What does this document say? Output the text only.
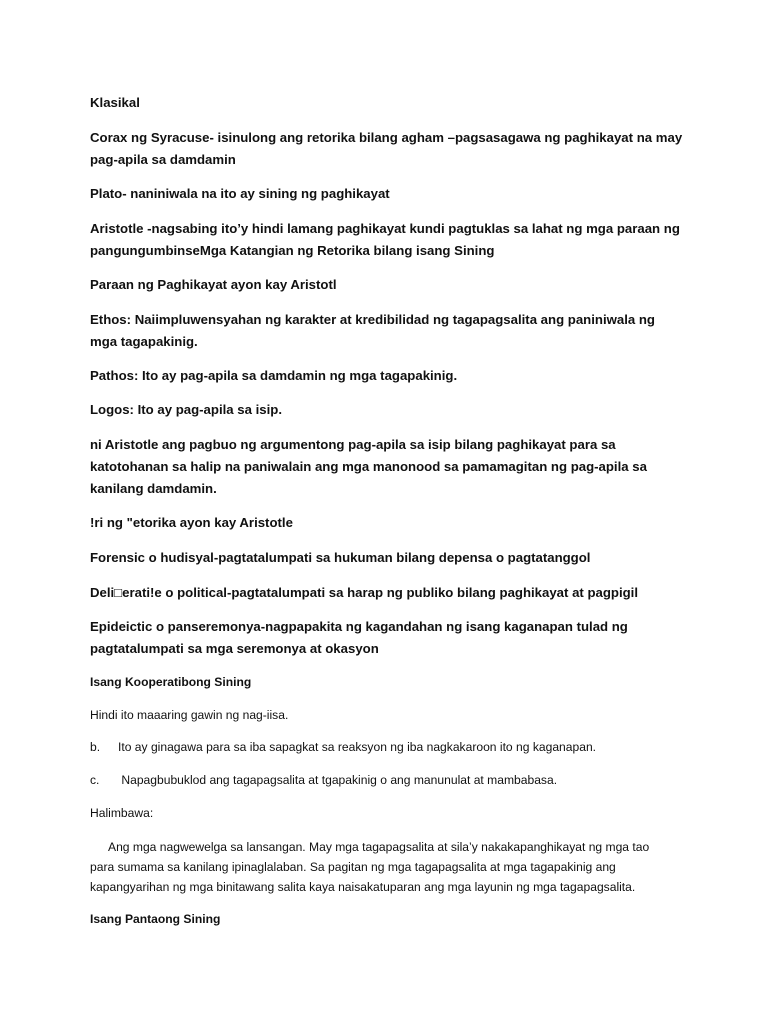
Klasikal

Corax ng Syracuse- isinulong ang retorika bilang agham –pagsasagawa ng paghikayat na may
pag-apila sa damdamin

Plato- naniniwala na ito ay sining ng paghikayat

Aristotle -nagsabing ito’y hindi lamang paghikayat kundi pagtuklas sa lahat ng mga paraan ng
pangungumbinseMga Katangian ng Retorika bilang isang Sining

Paraan ng Paghikayat ayon kay Aristotl

Ethos: Naiimpluwensyahan ng karakter at kredibilidad ng tagapagsalita ang paniniwala ng
mga tagapakinig.

Pathos: Ito ay pag-apila sa damdamin ng mga tagapakinig.

Logos: Ito ay pag-apila sa isip.

ni Aristotle ang pagbuo ng argumentong pag-apila sa isip bilang paghikayat para sa
katotohanan sa halip na paniwalain ang mga manonood sa pamamagitan ng pag-apila sa
kanilang damdamin.

!ri ng "etorika ayon kay Aristotle

Forensic o hudisyal-pagtatalumpati sa hukuman bilang depensa o pagtatanggol

Deli□erati!e o political-pagtatalumpati sa harap ng publiko bilang paghikayat at pagpigil

Epideictic o panseremonya-nagpapakita ng kagandahan ng isang kaganapan tulad ng
pagtatalumpati sa mga seremonya at okasyon

Isang Kooperatibong Sining

Hindi ito maaaring gawin ng nag-iisa.

b. Ito ay ginagawa para sa iba sapagkat sa reaksyon ng iba nagkakaroon ito ng kaganapan.

c. Napagbubuklod ang tagapagsalita at tgapakinig o ang manunulat at mambabasa.

Halimbawa:

Ang mga nagwewelga sa lansangan. May mga tagapagsalita at sila’y nakakapanghikayat ng mga tao
para sumama sa kanilang ipinaglalaban. Sa pagitan ng mga tagapagsalita at mga tagapakinig ang
kapangyarihan ng mga binitawang salita kaya naisakatuparan ang mga layunin ng mga tagapagsalita.

Isang Pantaong Sining
